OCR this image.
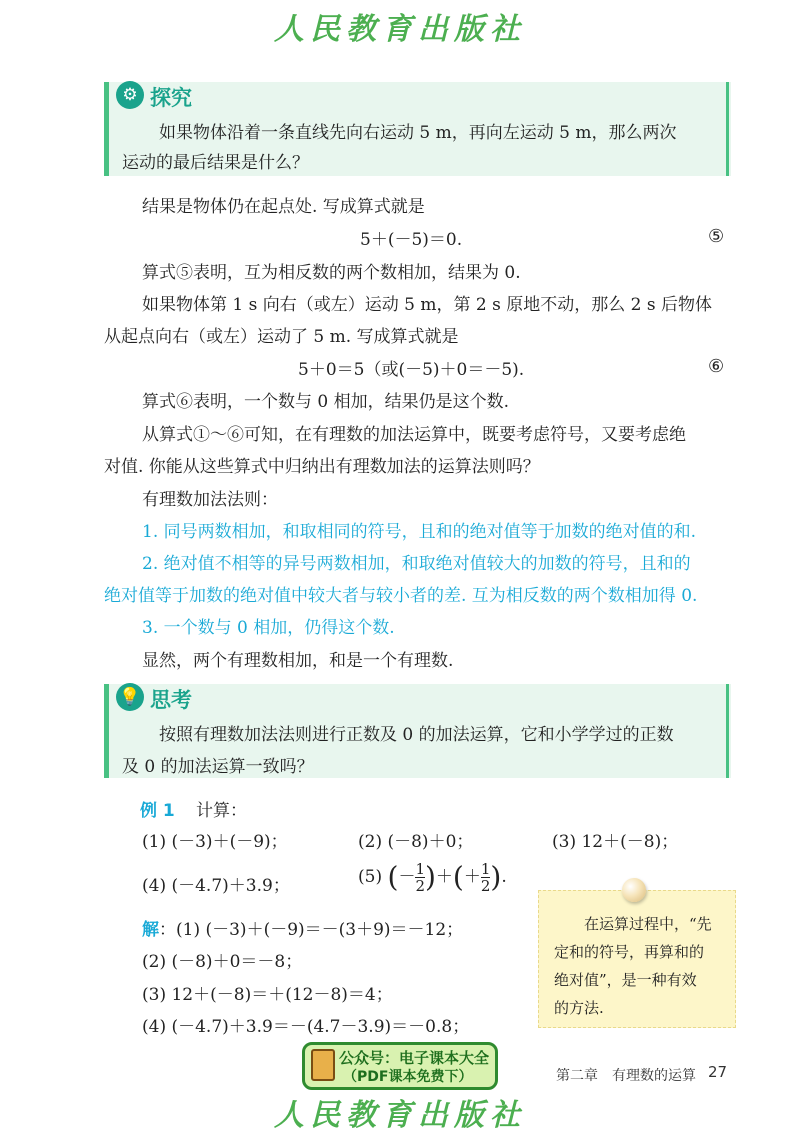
人民教育出版社
⚙ 探究
如果物体沿着一条直线先向右运动 5 m，再向左运动 5 m，那么两次
运动的最后结果是什么？
结果是物体仍在起点处. 写成算式就是
5＋(－5)＝0.	⑤
算式⑤表明，互为相反数的两个数相加，结果为 0.
如果物体第 1 s 向右（或左）运动 5 m，第 2 s 原地不动，那么 2 s 后物体
从起点向右（或左）运动了 5 m. 写成算式就是
5＋0＝5（或(－5)＋0＝－5).	⑥
算式⑥表明，一个数与 0 相加，结果仍是这个数.
从算式①～⑥可知，在有理数的加法运算中，既要考虑符号，又要考虑绝
对值. 你能从这些算式中归纳出有理数加法的运算法则吗？
有理数加法法则：
1. 同号两数相加，和取相同的符号，且和的绝对值等于加数的绝对值的和.
2. 绝对值不相等的异号两数相加，和取绝对值较大的加数的符号，且和的
绝对值等于加数的绝对值中较大者与较小者的差. 互为相反数的两个数相加得 0.
3. 一个数与 0 相加，仍得这个数.
显然，两个有理数相加，和是一个有理数.
💡 思考
按照有理数加法法则进行正数及 0 的加法运算，它和小学学过的正数
及 0 的加法运算一致吗？
例 1 计算：
(1) (－3)＋(－9)；	(2) (－8)＋0；	(3) 12＋(－8)；
(4) (－4.7)＋3.9；	(5) (－ $\frac{1}{2}$ )＋(＋ $\frac{1}{2}$ ).
解：(1) (－3)＋(－9)＝－(3＋9)＝－12；
(2) (－8)＋0＝－8；
(3) 12＋(－8)＝＋(12－8)＝4；
(4) (－4.7)＋3.9＝－(4.7－3.9)＝－0.8；
在运算过程中，“先
定和的符号，再算和的
绝对值”，是一种有效
的方法.
公众号：电子课本大全
（PDF课本免费下）	第二章　有理数的运算 27
人民教育出版社
